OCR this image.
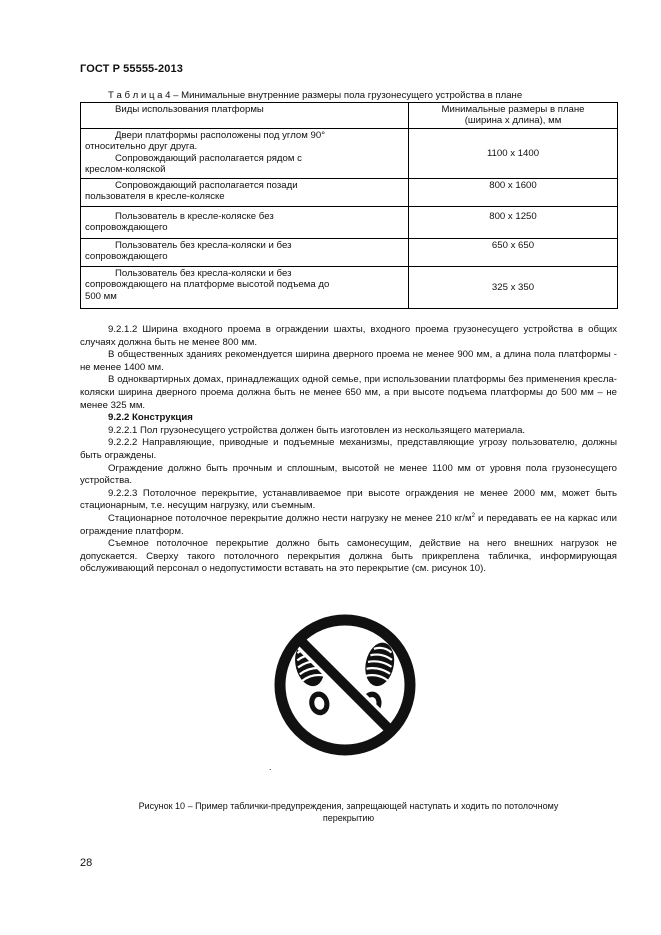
ГОСТ Р 55555-2013
Т а б л и ц а 4 – Минимальные внутренние размеры пола грузонесущего устройства в плане
Виды использования платформы	Минимальные размеры в плане
(ширина х длина), мм

Двери платформы расположены под углом 90°
относительно друг друга.
Сопровождающий располагается рядом с
креслом-коляской	1100 х 1400

Сопровождающий располагается позади
пользователя в кресле-коляске	800 х 1600

Пользователь в кресле-коляске без
сопровождающего	800 х 1250

Пользователь без кресла-коляски и без
сопровождающего	650 х 650

Пользователь без кресла-коляски и без
сопровождающего на платформе высотой подъема до
500 мм	325 х 350

9.2.1.2 Ширина входного проема в ограждении шахты, входного проема грузонесущего устройства в общих случаях должна быть не менее 800 мм.

В общественных зданиях рекомендуется ширина дверного проема не менее 900 мм, а длина пола платформы - не менее 1400 мм.

В одноквартирных домах, принадлежащих одной семье, при использовании платформы без применения кресла-коляски ширина дверного проема должна быть не менее 650 мм, а при высоте подъема платформы до 500 мм – не менее 325 мм.

9.2.2 Конструкция

9.2.2.1 Пол грузонесущего устройства должен быть изготовлен из нескользящего материала.

9.2.2.2 Направляющие, приводные и подъемные механизмы, представляющие угрозу пользователю, должны быть ограждены.

Ограждение должно быть прочным и сплошным, высотой не менее 1100 мм от уровня пола грузонесущего устройства.

9.2.2.3 Потолочное перекрытие, устанавливаемое при высоте ограждения не менее 2000 мм, может быть стационарным, т.е. несущим нагрузку, или съемным.

Стационарное потолочное перекрытие должно нести нагрузку не менее 210 $кг/м^2$ и передавать ее на каркас или ограждение платформ.

Съемное потолочное перекрытие должно быть самонесущим, действие на него внешних нагрузок не допускается. Сверху такого потолочного перекрытия должна быть прикреплена табличка, информирующая обслуживающий персонал о недопустимости вставать на это перекрытие (см. рисунок 10).

.
Рисунок 10 – Пример таблички-предупреждения, запрещающей наступать и ходить по потолочному
перекрытию
28
